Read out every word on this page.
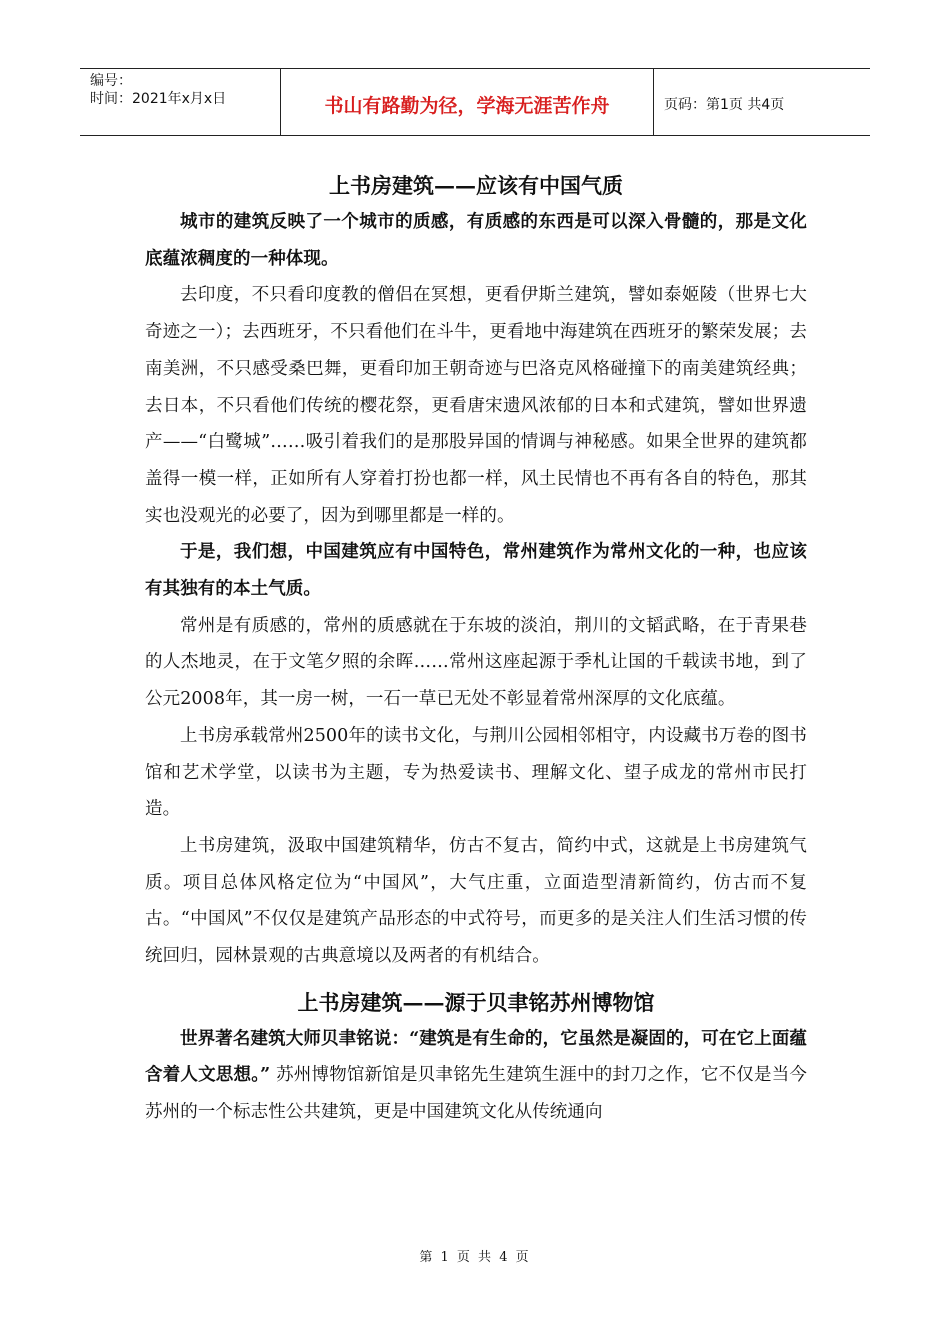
编号：
时间：2021年x月x日	书山有路勤为径，学海无涯苦作舟	页码：第1页 共4页
上书房建筑——应该有中国气质

城市的建筑反映了一个城市的质感，有质感的东西是可以深入骨髓的，那是文化底蕴浓稠度的一种体现。

去印度，不只看印度教的僧侣在冥想，更看伊斯兰建筑，譬如泰姬陵（世界七大奇迹之一）；去西班牙，不只看他们在斗牛，更看地中海建筑在西班牙的繁荣发展；去南美洲，不只感受桑巴舞，更看印加王朝奇迹与巴洛克风格碰撞下的南美建筑经典；去日本，不只看他们传统的樱花祭，更看唐宋遗风浓郁的日本和式建筑，譬如世界遗产——“白鹭城”……吸引着我们的是那股异国的情调与神秘感。如果全世界的建筑都盖得一模一样，正如所有人穿着打扮也都一样，风土民情也不再有各自的特色，那其实也没观光的必要了，因为到哪里都是一样的。

于是，我们想，中国建筑应有中国特色，常州建筑作为常州文化的一种，也应该有其独有的本土气质。

常州是有质感的，常州的质感就在于东坡的淡泊，荆川的文韬武略，在于青果巷的人杰地灵，在于文笔夕照的余晖……常州这座起源于季札让国的千载读书地，到了公元2008年，其一房一树，一石一草已无处不彰显着常州深厚的文化底蕴。

上书房承载常州2500年的读书文化，与荆川公园相邻相守，内设藏书万卷的图书馆和艺术学堂，以读书为主题，专为热爱读书、理解文化、望子成龙的常州市民打造。

上书房建筑，汲取中国建筑精华，仿古不复古，简约中式，这就是上书房建筑气质。项目总体风格定位为“中国风”，大气庄重，立面造型清新简约，仿古而不复古。“中国风”不仅仅是建筑产品形态的中式符号，而更多的是关注人们生活习惯的传统回归，园林景观的古典意境以及两者的有机结合。

上书房建筑——源于贝聿铭苏州博物馆

世界著名建筑大师贝聿铭说：“建筑是有生命的，它虽然是凝固的，可在它上面蕴含着人文思想。” 苏州博物馆新馆是贝聿铭先生建筑生涯中的封刀之作，它不仅是当今苏州的一个标志性公共建筑，更是中国建筑文化从传统通向

第 1 页 共 4 页
